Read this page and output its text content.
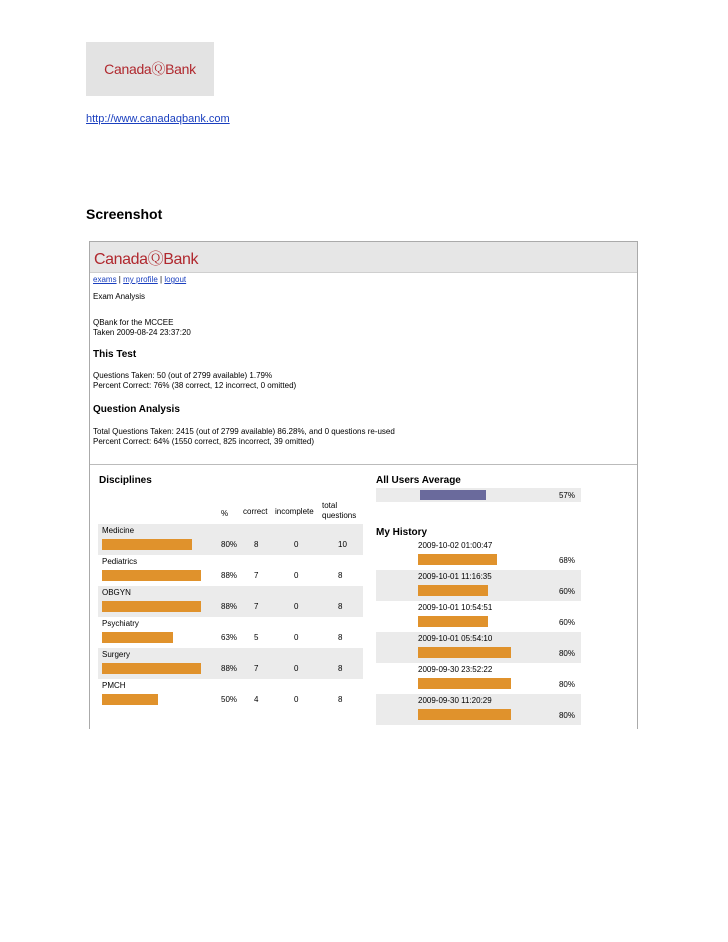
CanadaⓆBank
http://www.canadaqbank.com
Screenshot
CanadaⓆBank
exams | my profile | logout
Exam Analysis
QBank for the MCCEE
Taken 2009-08-24 23:37:20
This Test
Questions Taken: 50 (out of 2799 available) 1.79%
Percent Correct: 76% (38 correct, 12 incorrect, 0 omitted)
Question Analysis
Total Questions Taken: 2415 (out of 2799 available) 86.28%, and 0 questions re-used
Percent Correct: 64% (1550 correct, 825 incorrect, 39 omitted)
Disciplines
% correct incomplete
total
questions
All Users Average
57%
My History
Medicine
80% 8	0	10
Pediatrics
88% 7	0	8
OBGYN
88% 7	0	8
Psychiatry
63% 5	0	8
Surgery
88% 7	0	8
PMCH
50% 4	0	8
2009-10-02 01:00:47
68%
2009-10-01 11:16:35
60%
2009-10-01 10:54:51
60%
2009-10-01 05:54:10
80%
2009-09-30 23:52:22
80%
2009-09-30 11:20:29
80%
